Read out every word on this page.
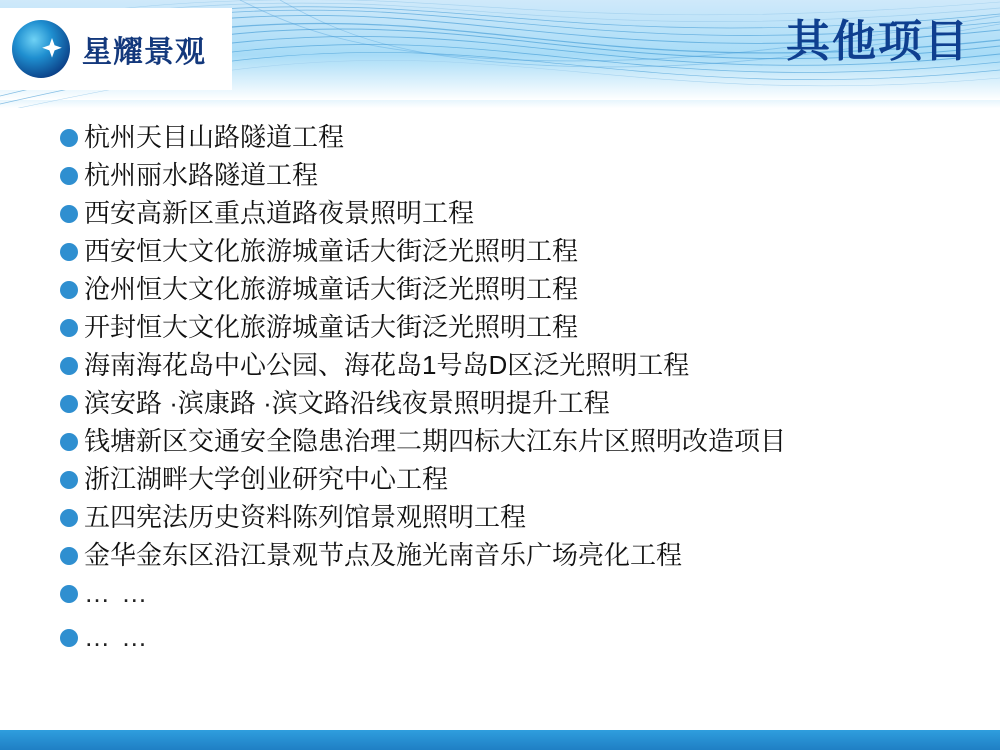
其他项目
星耀景观
杭州天目山路隧道工程
杭州丽水路隧道工程
西安高新区重点道路夜景照明工程
西安恒大文化旅游城童话大街泛光照明工程
沧州恒大文化旅游城童话大街泛光照明工程
开封恒大文化旅游城童话大街泛光照明工程
海南海花岛中心公园、海花岛1号岛D区泛光照明工程
滨安路 ·滨康路 ·滨文路沿线夜景照明提升工程
钱塘新区交通安全隐患治理二期四标大江东片区照明改造项目
浙江湖畔大学创业研究中心工程
五四宪法历史资料陈列馆景观照明工程
金华金东区沿江景观节点及施光南音乐广场亮化工程
… …
… …
